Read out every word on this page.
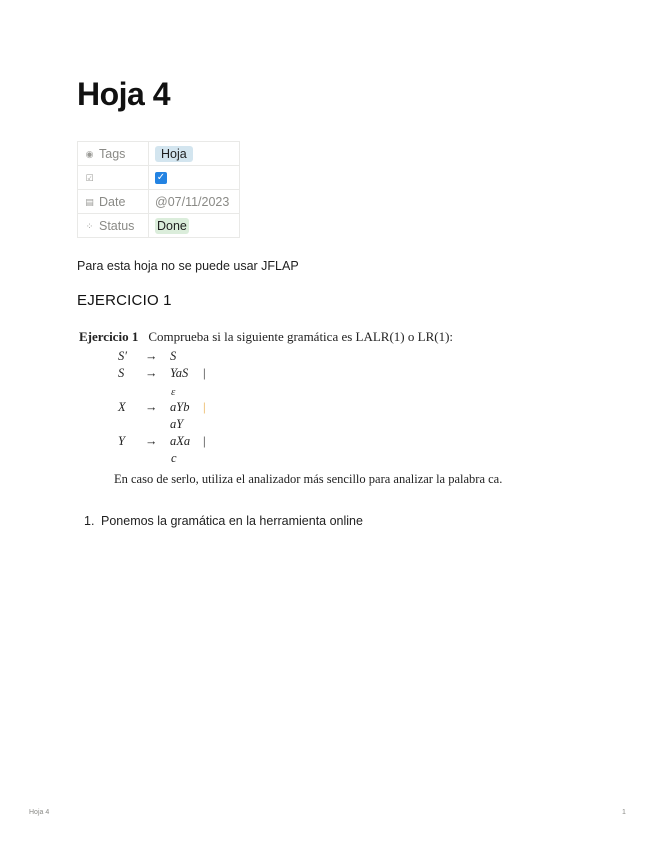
Hoja 4
◉ Tags	Hoja
☑	✓
▤ Date	@07/11/2023
⁘ Status	Done
Para esta hoja no se puede usar JFLAP
EJERCICIO 1
Ejercicio 1 Comprueba si la siguiente gramática es LALR(1) o LR(1):
S′ → S
S → YaS |
ε
X → aYb |
aY
Y → aXa |
c
En caso de serlo, utiliza el analizador más sencillo para analizar la palabra ca.
1. Ponemos la gramática en la herramienta online
Hoja 4	1
